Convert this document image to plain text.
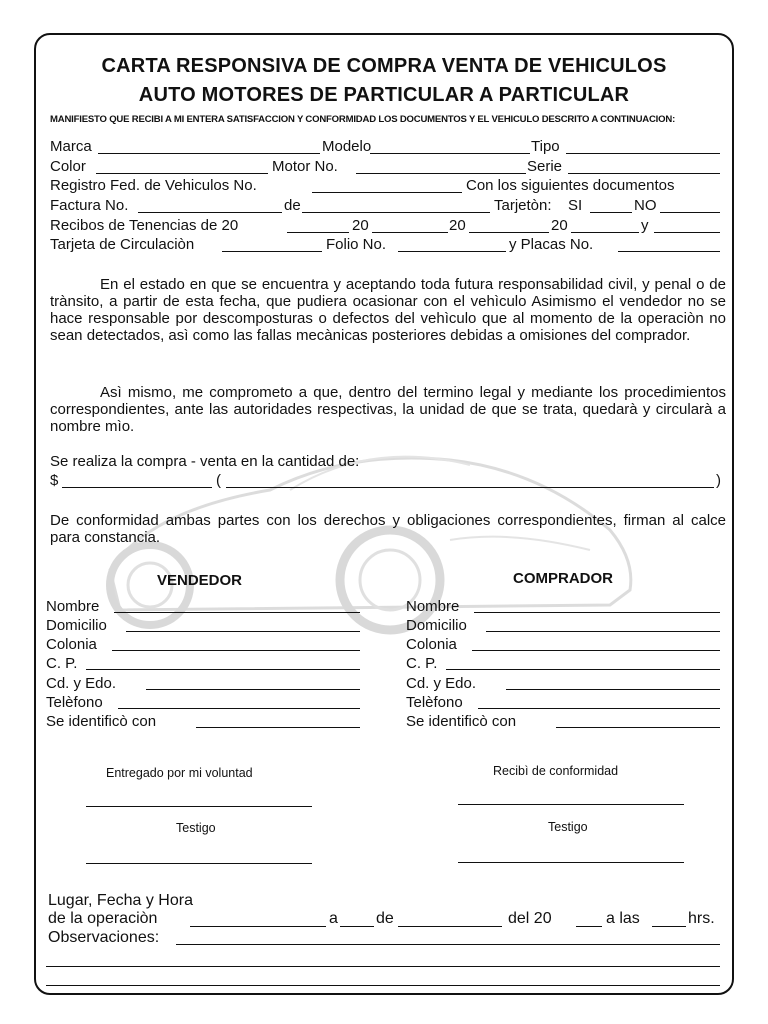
CARTA RESPONSIVA DE COMPRA VENTA DE VEHICULOS
AUTO MOTORES DE PARTICULAR A PARTICULAR
MANIFIESTO QUE RECIBI A MI ENTERA SATISFACCION Y CONFORMIDAD LOS DOCUMENTOS Y EL VEHICULO DESCRITO A CONTINUACION:
Marca	Modelo	Tipo
Color	Motor No.	Serie
Registro Fed. de Vehiculos No.	Con los siguientes documentos
Factura No.	de	Tarjetòn: SI	NO
Recibos de Tenencias de 20	20	20	20	y
Tarjeta de Circulaciòn	Folio No.	y Placas No.
En el estado en que se encuentra y aceptando toda futura responsabilidad civil, y penal o de trànsito, a partir de esta fecha, que pudiera ocasionar con el vehìculo Asimismo el vendedor no se hace responsable por descomposturas o defectos del vehìculo que al momento de la operaciòn no sean detectados, asì como las fallas mecànicas posteriores debidas a omisiones del comprador.
Asì mismo, me comprometo a que, dentro del termino legal y mediante los procedimientos correspondientes, ante las autoridades respectivas, la unidad de que se trata, quedarà y circularà a nombre mìo.
Se realiza la compra - venta en la cantidad de:
$	(	)
De conformidad ambas partes con los derechos y obligaciones correspondientes, firman al calce para constancia.
VENDEDOR	COMPRADOR
Nombre
Domicilio
Colonia
C. P.
Cd. y Edo.
Telèfono
Se identificò con
Nombre
Domicilio
Colonia
C. P.
Cd. y Edo.
Telèfono
Se identificò con
Entregado por mi voluntad	Recibì de conformidad
Testigo	Testigo
Lugar, Fecha y Hora
de la operaciòn	a de	del 20	a las	hrs.
Observaciones:
